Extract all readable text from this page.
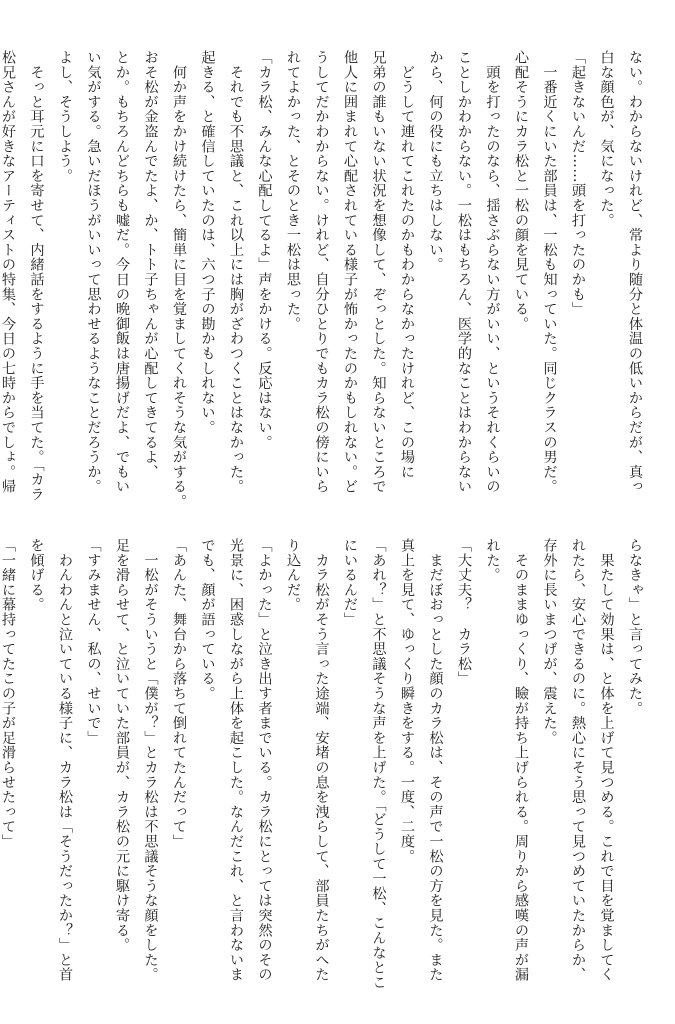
ない。わからないけれど、常より随分と体温の低いからだが、真っ
白な顔色が、気になった。
「起きないんだ……頭を打ったのかも」
　一番近くにいた部員は、一松も知っていた。同じクラスの男だ。
心配そうにカラ松と一松の顔を見ている。
　頭を打ったのなら、揺さぶらない方がいい、というそれくらいの
ことしかわからない。一松はもちろん、医学的なことはわからない
から、何の役にも立ちはしない。
　どうして連れてこれたのかもわからなかったけれど、この場に
兄弟の誰もいない状況を想像して、ぞっとした。知らないところで
他人に囲まれて心配されている様子が怖かったのかもしれない。ど
うしてだかわからない。けれど、自分ひとりでもカラ松の傍にいら
れてよかった、とそのとき一松は思った。
「カラ松、みんな心配してるよ」声をかける。反応はない。
　それでも不思議と、これ以上には胸がざわつくことはなかった。
起きる、と確信していたのは、六つ子の勘かもしれない。
　何か声をかけ続けたら、簡単に目を覚ましてくれそうな気がする。
おそ松が金盗んでたよ、か、トト子ちゃんが心配してきてるよ、
とか。もちろんどちらも嘘だ。今日の晩御飯は唐揚げだよ、でもい
い気がする。急いだほうがいいって思わせるようなことだろうか。
よし、そうしよう。
　そっと耳元に口を寄せて、内緒話をするように手を当てた。「カラ
松兄さんが好きなアーティストの特集、今日の七時からでしょ。帰
らなきゃ」と言ってみた。
　果たして効果は、と体を上げて見つめる。これで目を覚ましてく
れたら、安心できるのに。熱心にそう思って見つめていたからか、
存外に長いまつげが、震えた。
　そのままゆっくり、瞼が持ち上げられる。周りから感嘆の声が漏
れた。
「大丈夫？　カラ松」
　まだぼおっとした顔のカラ松は、その声で一松の方を見た。また
真上を見て、ゆっくり瞬きをする。一度、二度。
「あれ？」と不思議そうな声を上げた。「どうして一松、こんなとこ
にいるんだ」
　カラ松がそう言った途端、安堵の息を洩らして、部員たちがへた
り込んだ。
「よかった」と泣き出す者までいる。カラ松にとっては突然のその
光景に、困惑しながら上体を起こした。なんだこれ、と言わないま
でも、顔が語っている。
「あんた、舞台から落ちて倒れてたんだって」
　一松がそういうと「僕が？」とカラ松は不思議そうな顔をした。
足を滑らせて、と泣いていた部員が、カラ松の元に駆け寄る。
「すみません、私の、せいで」
　わんわんと泣いている様子に、カラ松は「そうだったか？」と首
を傾げる。
「一緒に幕持ってたこの子が足滑らせたって」
